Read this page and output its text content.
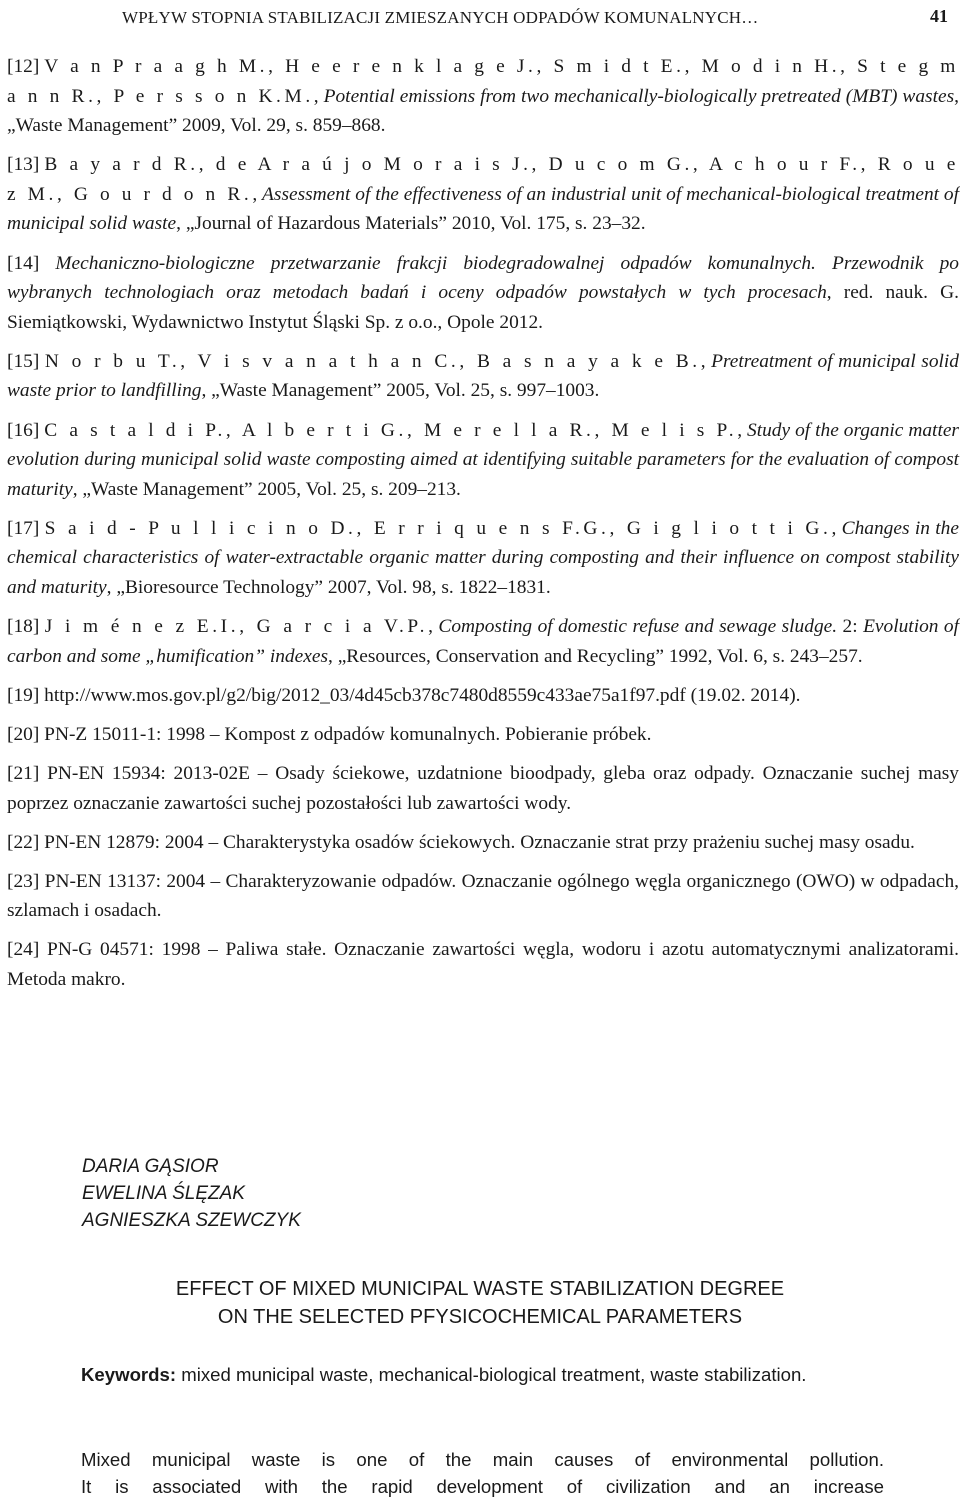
WPŁYW STOPNIA STABILIZACJI ZMIESZANYCH ODPADÓW KOMUNALNYCH…	41

[12] V a n P r a a g h M., H e e r e n k l a g e J., S m i d t E., M o d i n H., S t e g m a n n R., P e r s s o n K.M., Potential emissions from two mechanically-biologically pretreated (MBT) wastes, „Waste Management” 2009, Vol. 29, s. 859–868.

[13] B a y a r d R., d e A r a ú j o M o r a i s J., D u c o m G., A c h o u r F., R o u e z M., G o u r d o n R., Assessment of the effectiveness of an industrial unit of mechanical-biological treatment of municipal solid waste, „Journal of Hazardous Materials” 2010, Vol. 175, s. 23–32.

[14] Mechaniczno-biologiczne przetwarzanie frakcji biodegradowalnej odpadów komunalnych. Przewodnik po wybranych technologiach oraz metodach badań i oceny odpadów powstałych w tych procesach, red. nauk. G. Siemiątkowski, Wydawnictwo Instytut Śląski Sp. z o.o., Opole 2012.

[15] N o r b u T., V i s v a n a t h a n C., B a s n a y a k e B., Pretreatment of municipal solid waste prior to landfilling, „Waste Management” 2005, Vol. 25, s. 997–1003.

[16] C a s t a l d i P., A l b e r t i G., M e r e l l a R., M e l i s P., Study of the organic matter evolution during municipal solid waste composting aimed at identifying suitable parameters for the evaluation of compost maturity, „Waste Management” 2005, Vol. 25, s. 209–213.

[17] S a i d - P u l l i c i n o D., E r r i q u e n s F.G., G i g l i o t t i G., Changes in the chemical characteristics of water-extractable organic matter during composting and their influence on compost stability and maturity, „Bioresource Technology” 2007, Vol. 98, s. 1822–1831.

[18] J i m é n e z E.I., G a r c i a V.P., Composting of domestic refuse and sewage sludge. 2: Evolution of carbon and some „humification” indexes, „Resources, Conservation and Recycling” 1992, Vol. 6, s. 243–257.

[19] http://www.mos.gov.pl/g2/big/2012_03/4d45cb378c7480d8559c433ae75a1f97.pdf (19.02. 2014).

[20] PN-Z 15011-1: 1998 – Kompost z odpadów komunalnych. Pobieranie próbek.

[21] PN-EN 15934: 2013-02E – Osady ściekowe, uzdatnione bioodpady, gleba oraz odpady. Oznaczanie suchej masy poprzez oznaczanie zawartości suchej pozostałości lub zawartości wody.

[22] PN-EN 12879: 2004 – Charakterystyka osadów ściekowych. Oznaczanie strat przy prażeniu suchej masy osadu.

[23] PN-EN 13137: 2004 – Charakteryzowanie odpadów. Oznaczanie ogólnego węgla organicznego (OWO) w odpadach, szlamach i osadach.

[24] PN-G 04571: 1998 – Paliwa stałe. Oznaczanie zawartości węgla, wodoru i azotu automatycznymi analizatorami. Metoda makro.

DARIA GĄSIOR
EWELINA ŚLĘZAK
AGNIESZKA SZEWCZYK
EFFECT OF MIXED MUNICIPAL WASTE STABILIZATION DEGREE
ON THE SELECTED PFYSICOCHEMICAL PARAMETERS
Keywords: mixed municipal waste, mechanical-biological treatment, waste stabilization.
Mixed municipal waste is one of the main causes of environmental pollution.
It is associated with the rapid development of civilization and an increase
